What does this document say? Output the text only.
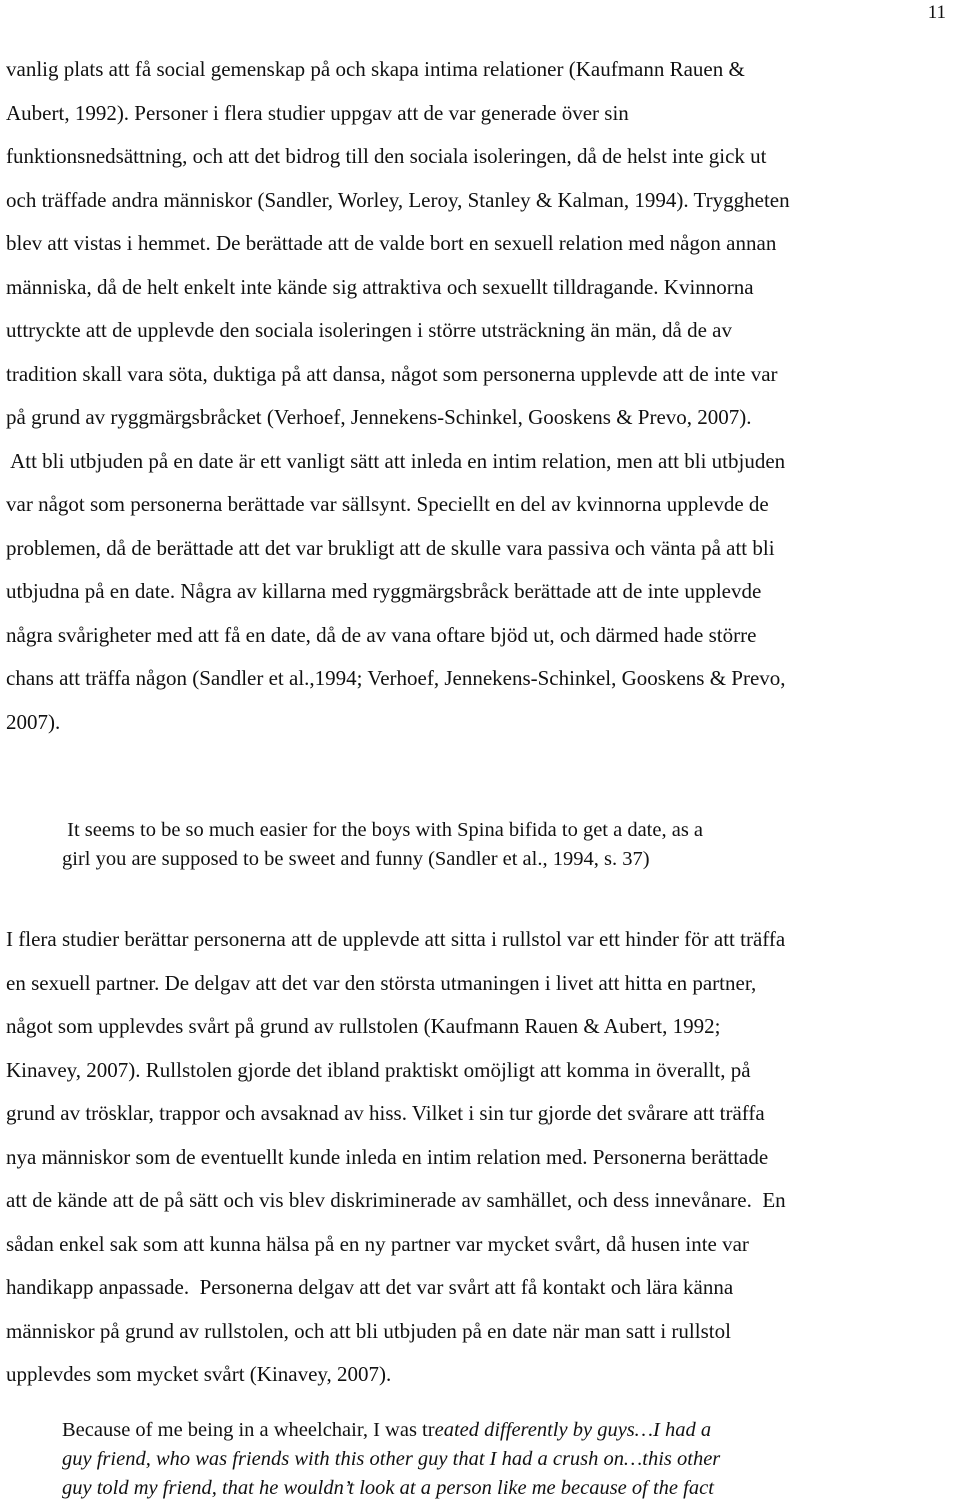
11
vanlig plats att få social gemenskap på och skapa intima relationer (Kaufmann Rauen &
Aubert, 1992). Personer i flera studier uppgav att de var generade över sin
funktionsnedsättning, och att det bidrog till den sociala isoleringen, då de helst inte gick ut
och träffade andra människor (Sandler, Worley, Leroy, Stanley & Kalman, 1994). Tryggheten
blev att vistas i hemmet. De berättade att de valde bort en sexuell relation med någon annan
människa, då de helt enkelt inte kände sig attraktiva och sexuellt tilldragande. Kvinnorna
uttryckte att de upplevde den sociala isoleringen i större utsträckning än män, då de av
tradition skall vara söta, duktiga på att dansa, något som personerna upplevde att de inte var
på grund av ryggmärgsbråcket (Verhoef, Jennekens-Schinkel, Gooskens & Prevo, 2007).
Att bli utbjuden på en date är ett vanligt sätt att inleda en intim relation, men att bli utbjuden
var något som personerna berättade var sällsynt. Speciellt en del av kvinnorna upplevde de
problemen, då de berättade att det var brukligt att de skulle vara passiva och vänta på att bli
utbjudna på en date. Några av killarna med ryggmärgsbråck berättade att de inte upplevde
några svårigheter med att få en date, då de av vana oftare bjöd ut, och därmed hade större
chans att träffa någon (Sandler et al.,1994; Verhoef, Jennekens-Schinkel, Gooskens & Prevo,
2007).
It seems to be so much easier for the boys with Spina bifida to get a date, as a
girl you are supposed to be sweet and funny (Sandler et al., 1994, s. 37)
I flera studier berättar personerna att de upplevde att sitta i rullstol var ett hinder för att träffa
en sexuell partner. De delgav att det var den största utmaningen i livet att hitta en partner,
något som upplevdes svårt på grund av rullstolen (Kaufmann Rauen & Aubert, 1992;
Kinavey, 2007). Rullstolen gjorde det ibland praktiskt omöjligt att komma in överallt, på
grund av trösklar, trappor och avsaknad av hiss. Vilket i sin tur gjorde det svårare att träffa
nya människor som de eventuellt kunde inleda en intim relation med. Personerna berättade
att de kände att de på sätt och vis blev diskriminerade av samhället, och dess innevånare.  En
sådan enkel sak som att kunna hälsa på en ny partner var mycket svårt, då husen inte var
handikapp anpassade.  Personerna delgav att det var svårt att få kontakt och lära känna
människor på grund av rullstolen, och att bli utbjuden på en date när man satt i rullstol
upplevdes som mycket svårt (Kinavey, 2007).
Because of me being in a wheelchair, I was treated differently by guys…I had a
guy friend, who was friends with this other guy that I had a crush on…this other
guy told my friend, that he wouldn’t look at a person like me because of the fact
